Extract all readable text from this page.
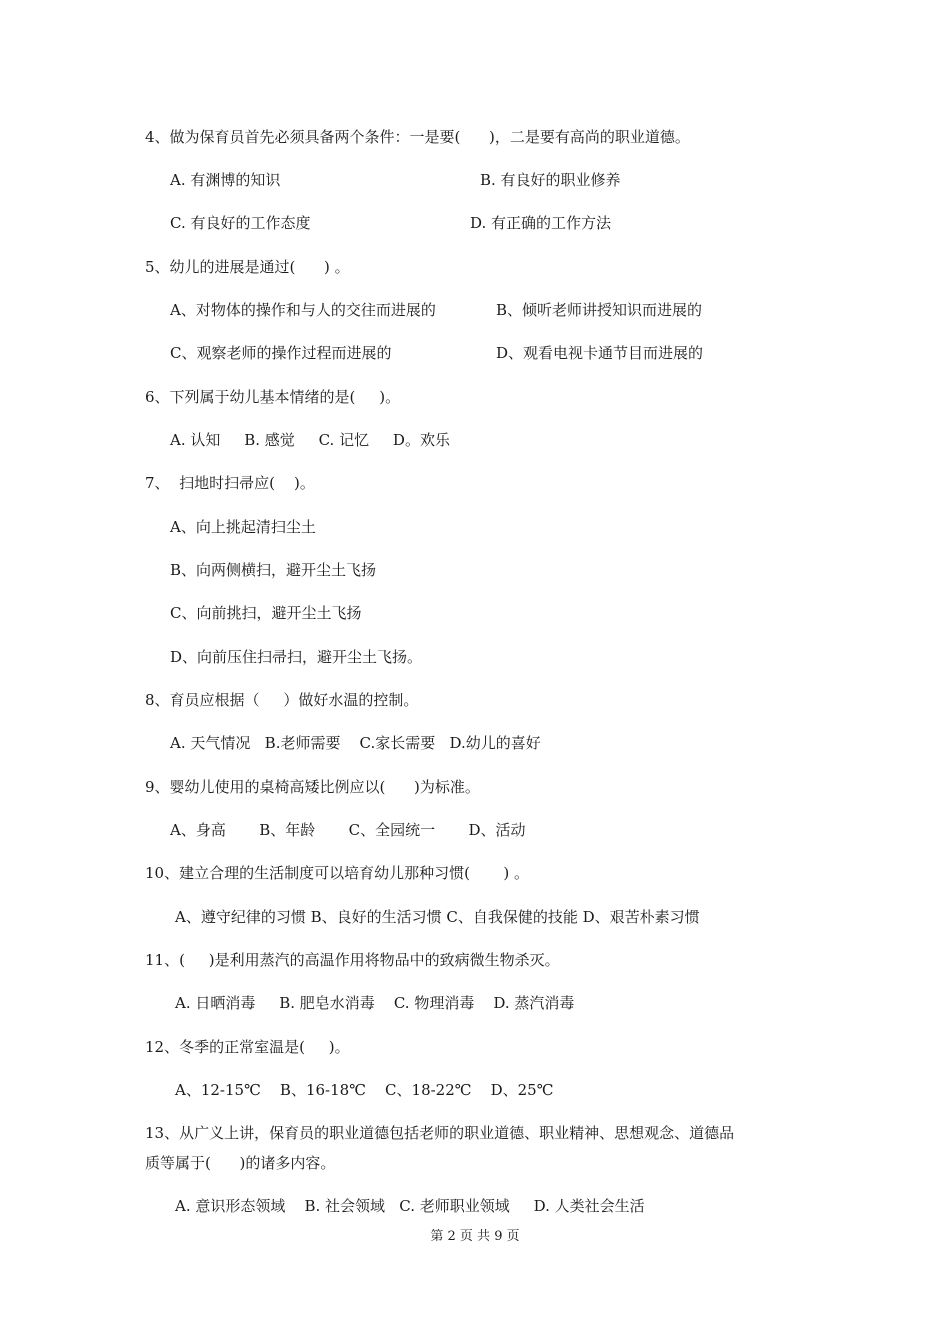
4、做为保育员首先必须具备两个条件：一是要(      )，二是要有高尚的职业道德。
A. 有渊博的知识	B. 有良好的职业修养
C. 有良好的工作态度	D. 有正确的工作方法
5、幼儿的进展是通过(      ) 。
A、对物体的操作和与人的交往而进展的	B、倾听老师讲授知识而进展的
C、观察老师的操作过程而进展的	D、观看电视卡通节目而进展的
6、下列属于幼儿基本情绪的是(     )。
A. 认知     B. 感觉     C. 记忆     D。欢乐
7、  扫地时扫帚应(    )。
A、向上挑起清扫尘土
B、向两侧横扫，避开尘土飞扬
C、向前挑扫，避开尘土飞扬
D、向前压住扫帚扫，避开尘土飞扬。
8、育员应根据（     ）做好水温的控制。
A. 天气情况   B.老师需要    C.家长需要   D.幼儿的喜好
9、婴幼儿使用的桌椅高矮比例应以(      )为标准。
A、身高       B、年龄       C、全园统一       D、活动
10、建立合理的生活制度可以培育幼儿那种习惯(       ) 。
A、遵守纪律的习惯 B、良好的生活习惯 C、自我保健的技能 D、艰苦朴素习惯
11、(     )是利用蒸汽的高温作用将物品中的致病微生物杀灭。
A. 日晒消毒     B. 肥皂水消毒    C. 物理消毒    D. 蒸汽消毒
12、冬季的正常室温是(     )。
A、12-15℃    B、16-18℃    C、18-22℃    D、25℃
13、从广义上讲，保育员的职业道德包括老师的职业道德、职业精神、思想观念、道德品
质等属于(      )的诸多内容。
A. 意识形态领域    B. 社会领域   C. 老师职业领域     D. 人类社会生活
第 2 页 共 9 页
